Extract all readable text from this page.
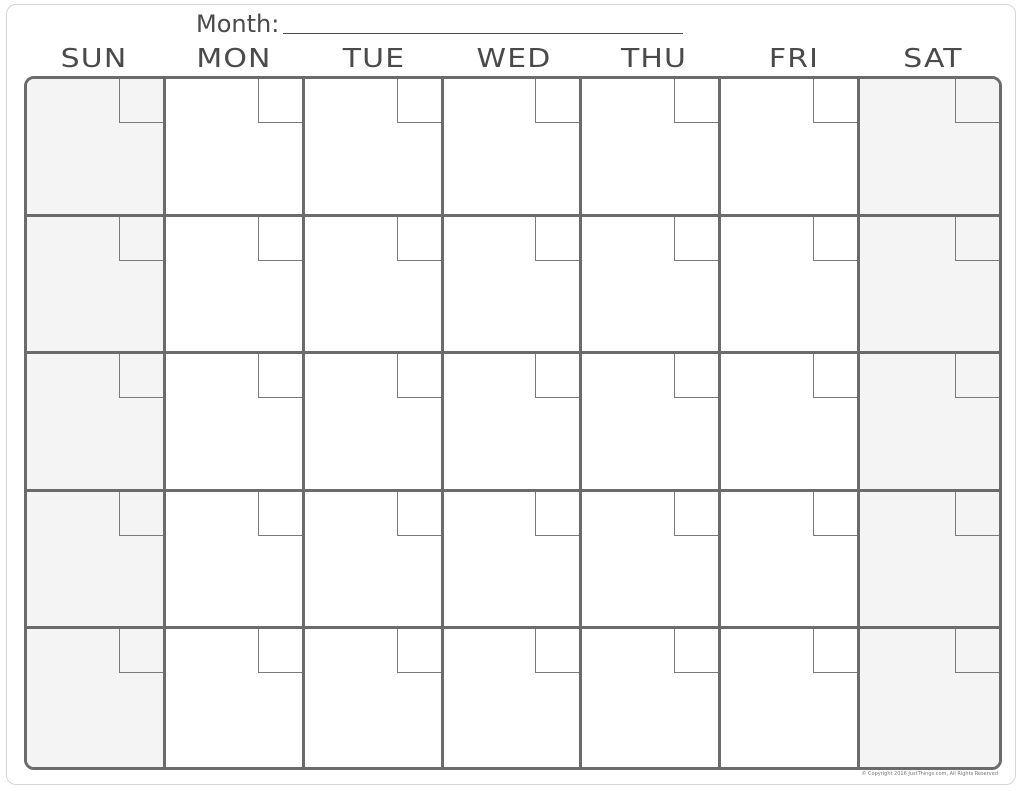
Month:
SUN	MON	TUE	WED	THU	FRI	SAT
© Copyright 2016 JustThings.com, All Rights Reserved
